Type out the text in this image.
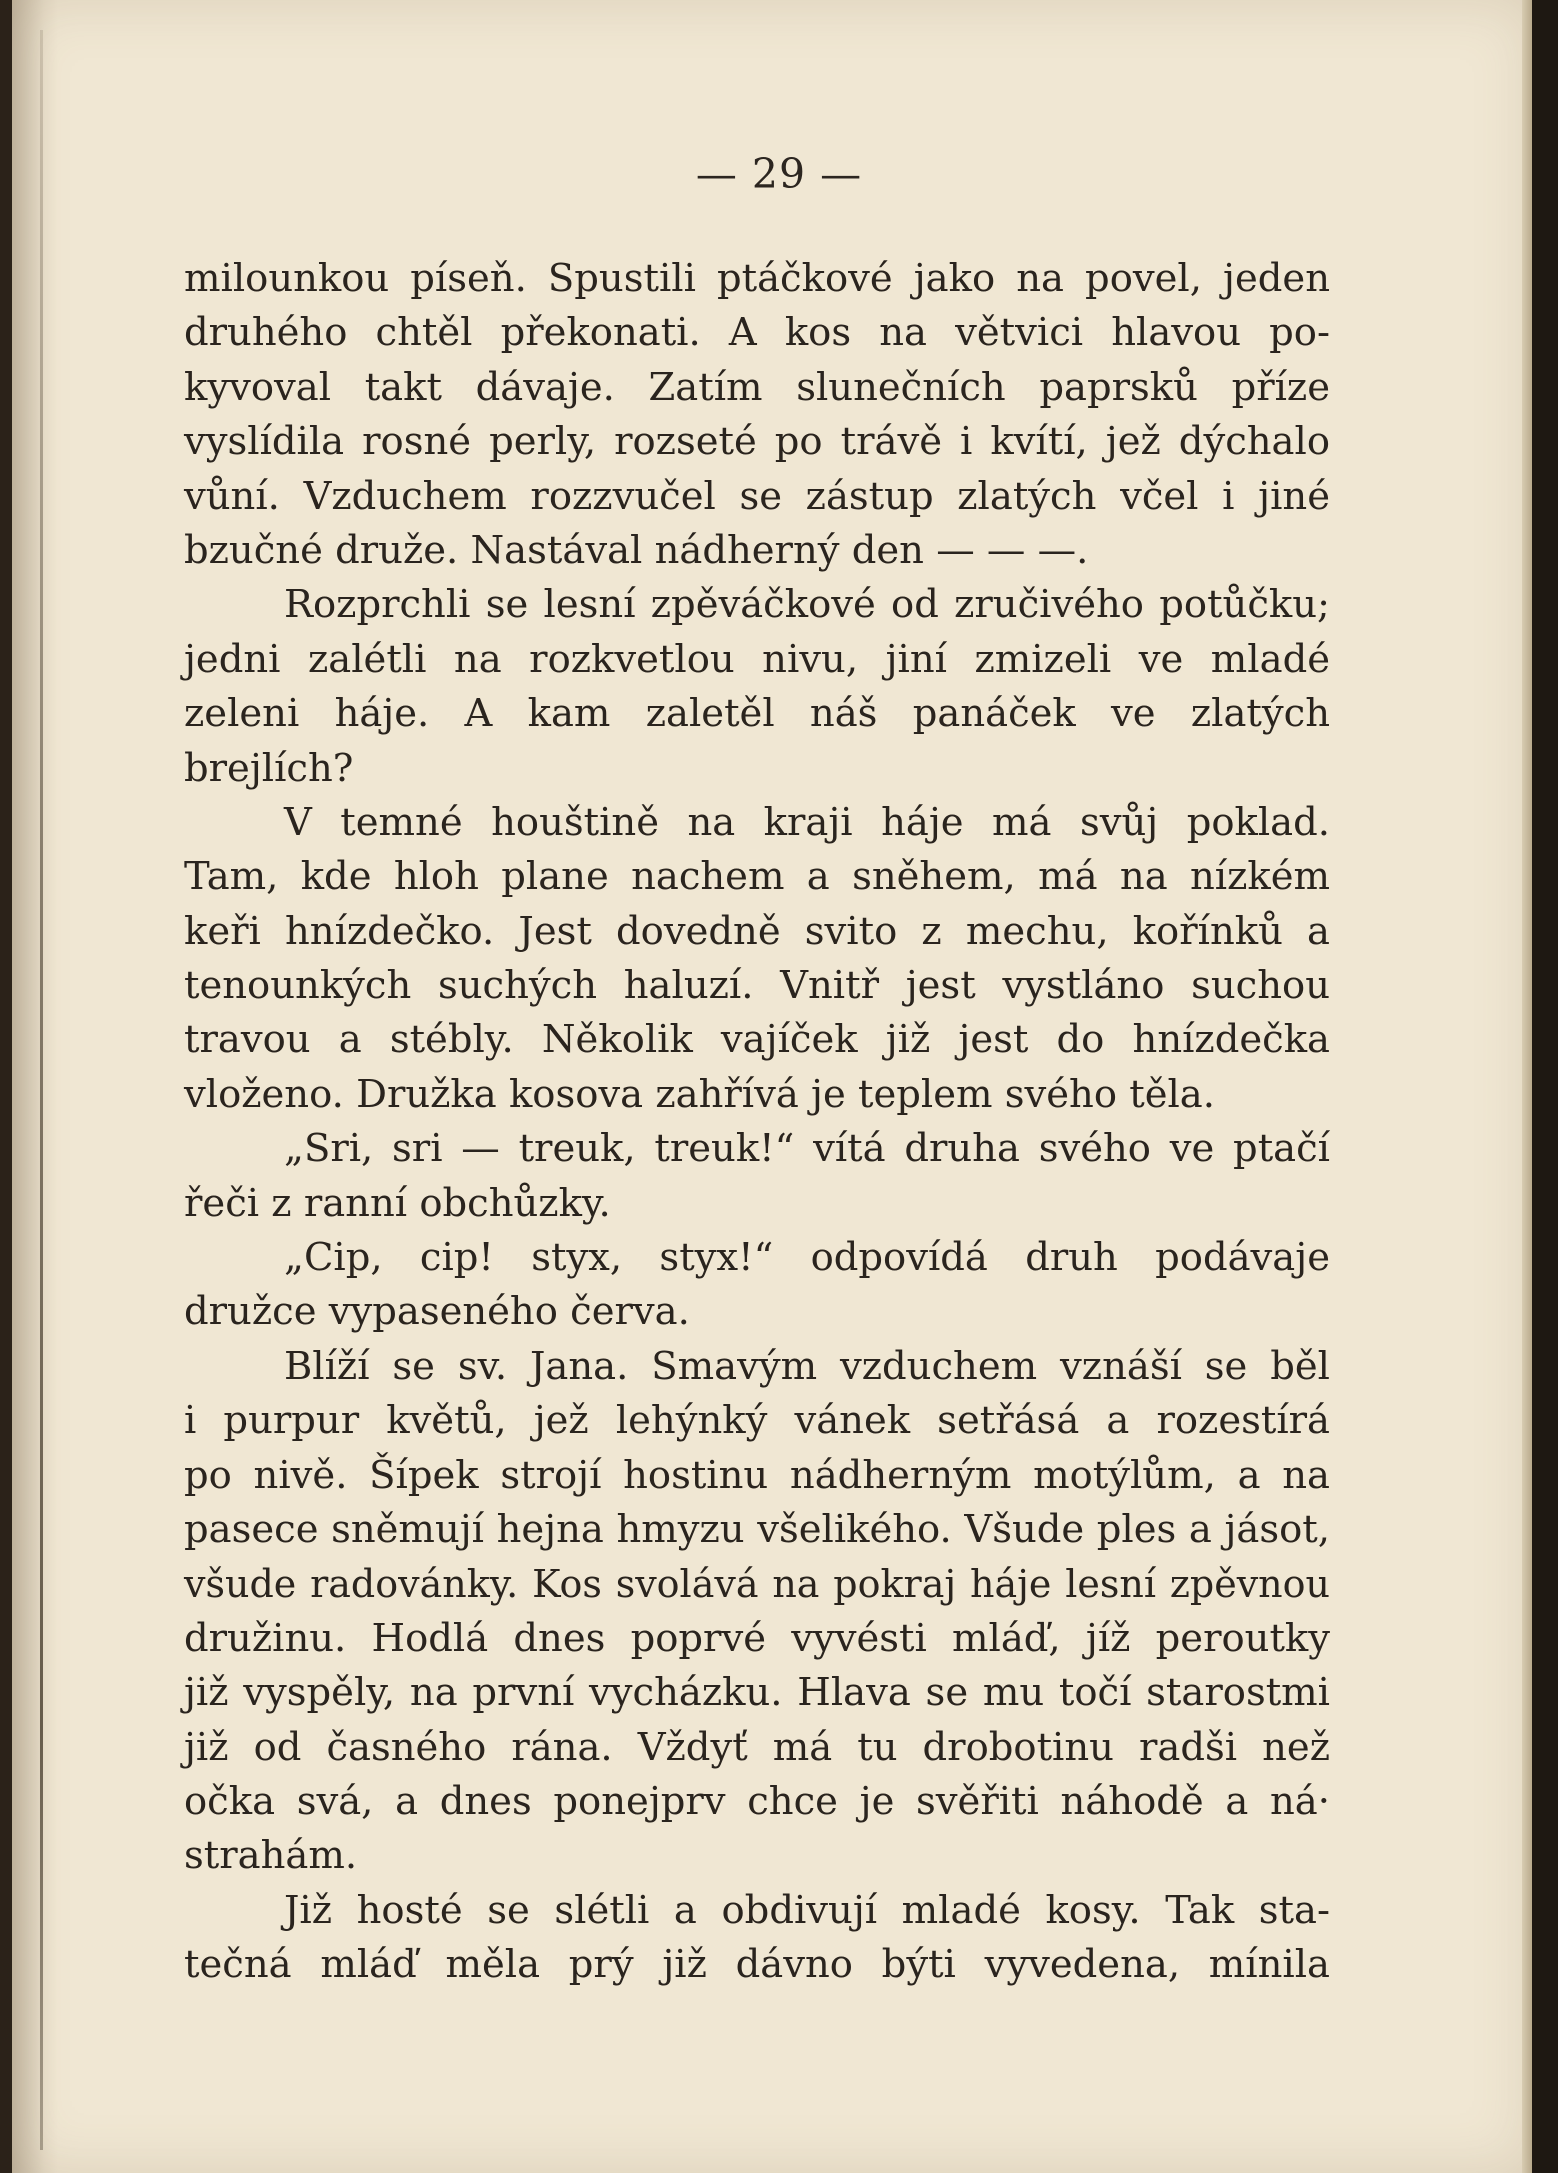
— 29 —
milounkou píseň. Spustili ptáčkové jako na povel, jeden
druhého chtěl překonati. A kos na větvici hlavou po-
kyvoval takt dávaje. Zatím slunečních paprsků příze
vyslídila rosné perly, rozseté po trávě i kvítí, jež dýchalo
vůní. Vzduchem rozzvučel se zástup zlatých včel i jiné
bzučné druže. Nastával nádherný den — — —.
Rozprchli se lesní zpěváčkové od zručivého potůčku;
jedni zalétli na rozkvetlou nivu, jiní zmizeli ve mladé
zeleni háje. A kam zaletěl náš panáček ve zlatých
brejlích?
V temné houštině na kraji háje má svůj poklad.
Tam, kde hloh plane nachem a sněhem, má na nízkém
keři hnízdečko. Jest dovedně svito z mechu, kořínků a
tenounkých suchých haluzí. Vnitř jest vystláno suchou
travou a stébly. Několik vajíček již jest do hnízdečka
vloženo. Družka kosova zahřívá je teplem svého těla.
„Sri, sri — treuk, treuk!“ vítá druha svého ve ptačí
řeči z ranní obchůzky.
„Cip, cip! styx, styx!“ odpovídá druh podávaje
družce vypaseného červa.
Blíží se sv. Jana. Smavým vzduchem vznáší se běl
i purpur květů, jež lehýnký vánek setřásá a rozestírá
po nivě. Šípek strojí hostinu nádherným motýlům, a na
pasece sněmují hejna hmyzu všelikého. Všude ples a jásot,
všude radovánky. Kos svolává na pokraj háje lesní zpěvnou
družinu. Hodlá dnes poprvé vyvésti mláď, jíž peroutky
již vyspěly, na první vycházku. Hlava se mu točí starostmi
již od časného rána. Vždyť má tu drobotinu radši než
očka svá, a dnes ponejprv chce je svěřiti náhodě a ná·
strahám.
Již hosté se slétli a obdivují mladé kosy. Tak sta-
tečná mláď měla prý již dávno býti vyvedena, mínila
